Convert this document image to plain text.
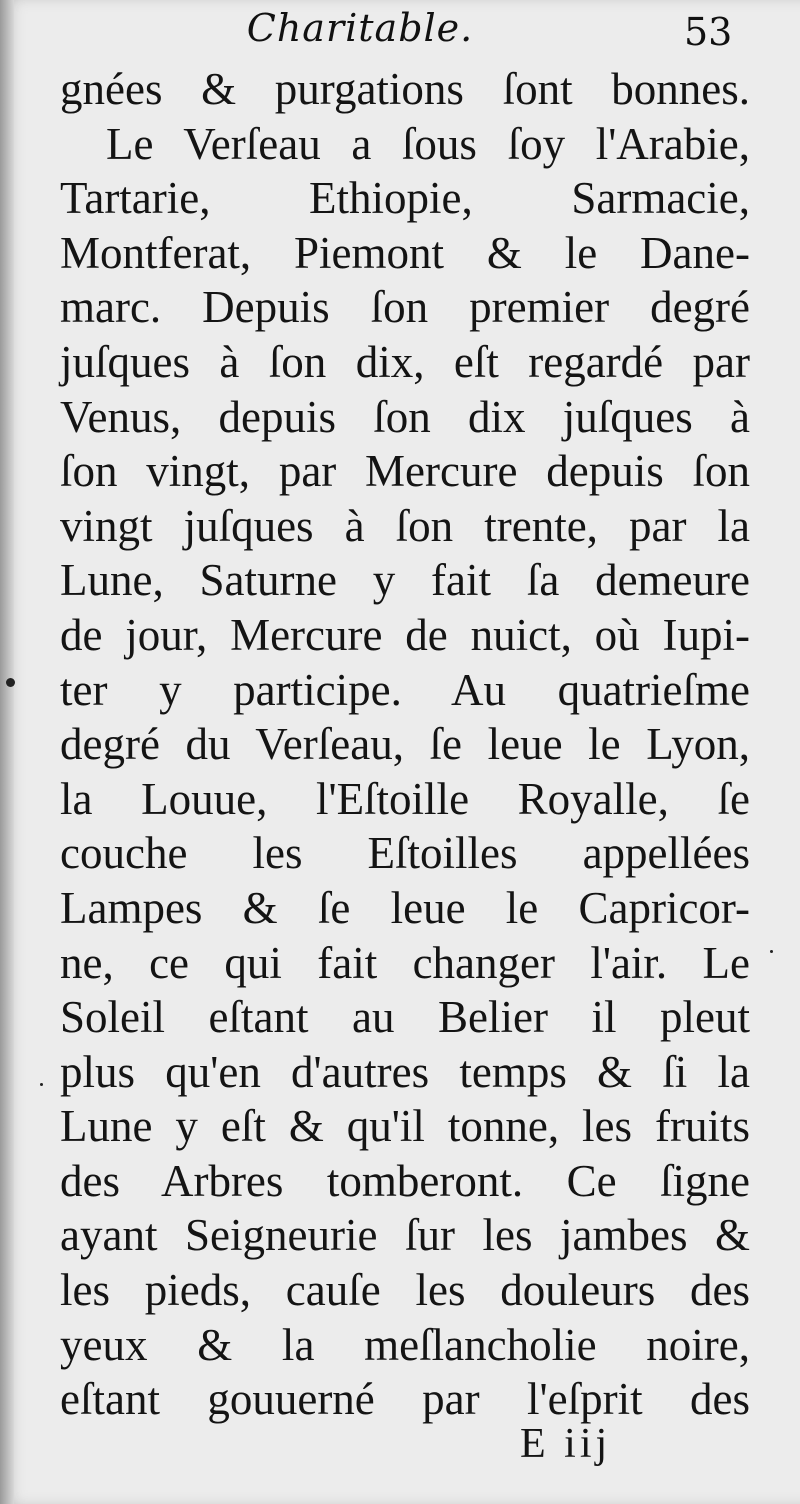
Charitable.	53
gnées & purgations ſont bonnes.
Le Verſeau a ſous ſoy l'Arabie,
Tartarie, Ethiopie, Sarmacie,
Montferat, Piemont & le Dane-
marc. Depuis ſon premier degré
juſques à ſon dix, eſt regardé par
Venus, depuis ſon dix juſques à
ſon vingt, par Mercure depuis ſon
vingt juſques à ſon trente, par la
Lune, Saturne y fait ſa demeure
de jour, Mercure de nuict, où Iupi-
ter y participe. Au quatrieſme
degré du Verſeau, ſe leue le Lyon,
la Louue, l'Eſtoille Royalle, ſe
couche les Eſtoilles appellées
Lampes & ſe leue le Capricor-
ne, ce qui fait changer l'air. Le
Soleil eſtant au Belier il pleut
plus qu'en d'autres temps & ſi la
Lune y eſt & qu'il tonne, les fruits
des Arbres tomberont. Ce ſigne
ayant Seigneurie ſur les jambes &
les pieds, cauſe les douleurs des
yeux & la meſlancholie noire,
eſtant gouuerné par l'eſprit des
E iij
